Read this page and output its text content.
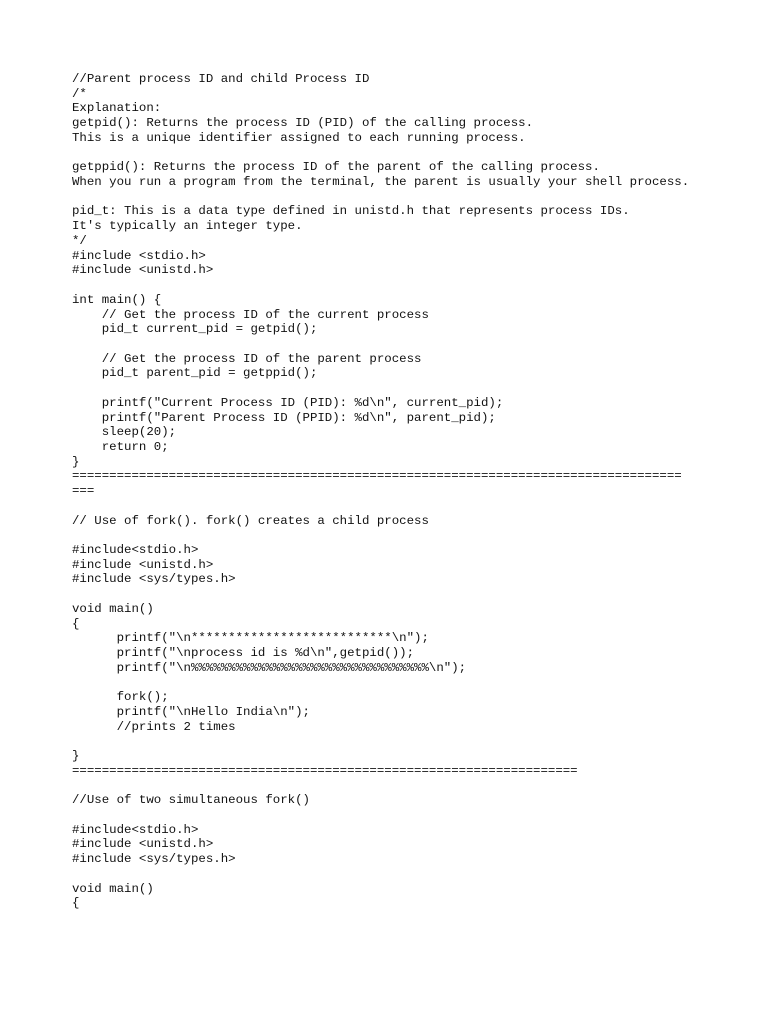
//Parent process ID and child Process ID
/*
Explanation:
getpid(): Returns the process ID (PID) of the calling process.
This is a unique identifier assigned to each running process.
getppid(): Returns the process ID of the parent of the calling process.
When you run a program from the terminal, the parent is usually your shell process.
pid_t: This is a data type defined in unistd.h that represents process IDs.
It's typically an integer type.
*/
#include <stdio.h>
#include <unistd.h>
int main() {
// Get the process ID of the current process
pid_t current_pid = getpid();
// Get the process ID of the parent process
pid_t parent_pid = getppid();
printf("Current Process ID (PID): %d\n", current_pid);
printf("Parent Process ID (PPID): %d\n", parent_pid);
sleep(20);
return 0;
}
==================================================================================
===
// Use of fork(). fork() creates a child process
#include<stdio.h>
#include <unistd.h>
#include <sys/types.h>
void main()
{
printf("\n***************************\n");
printf("\nprocess id is %d\n",getpid());
printf("\n%%%%%%%%%%%%%%%%%%%%%%%%%%%%%%%%\n");
fork();
printf("\nHello India\n");
//prints 2 times
}
====================================================================
//Use of two simultaneous fork()
#include<stdio.h>
#include <unistd.h>
#include <sys/types.h>
void main()
{
